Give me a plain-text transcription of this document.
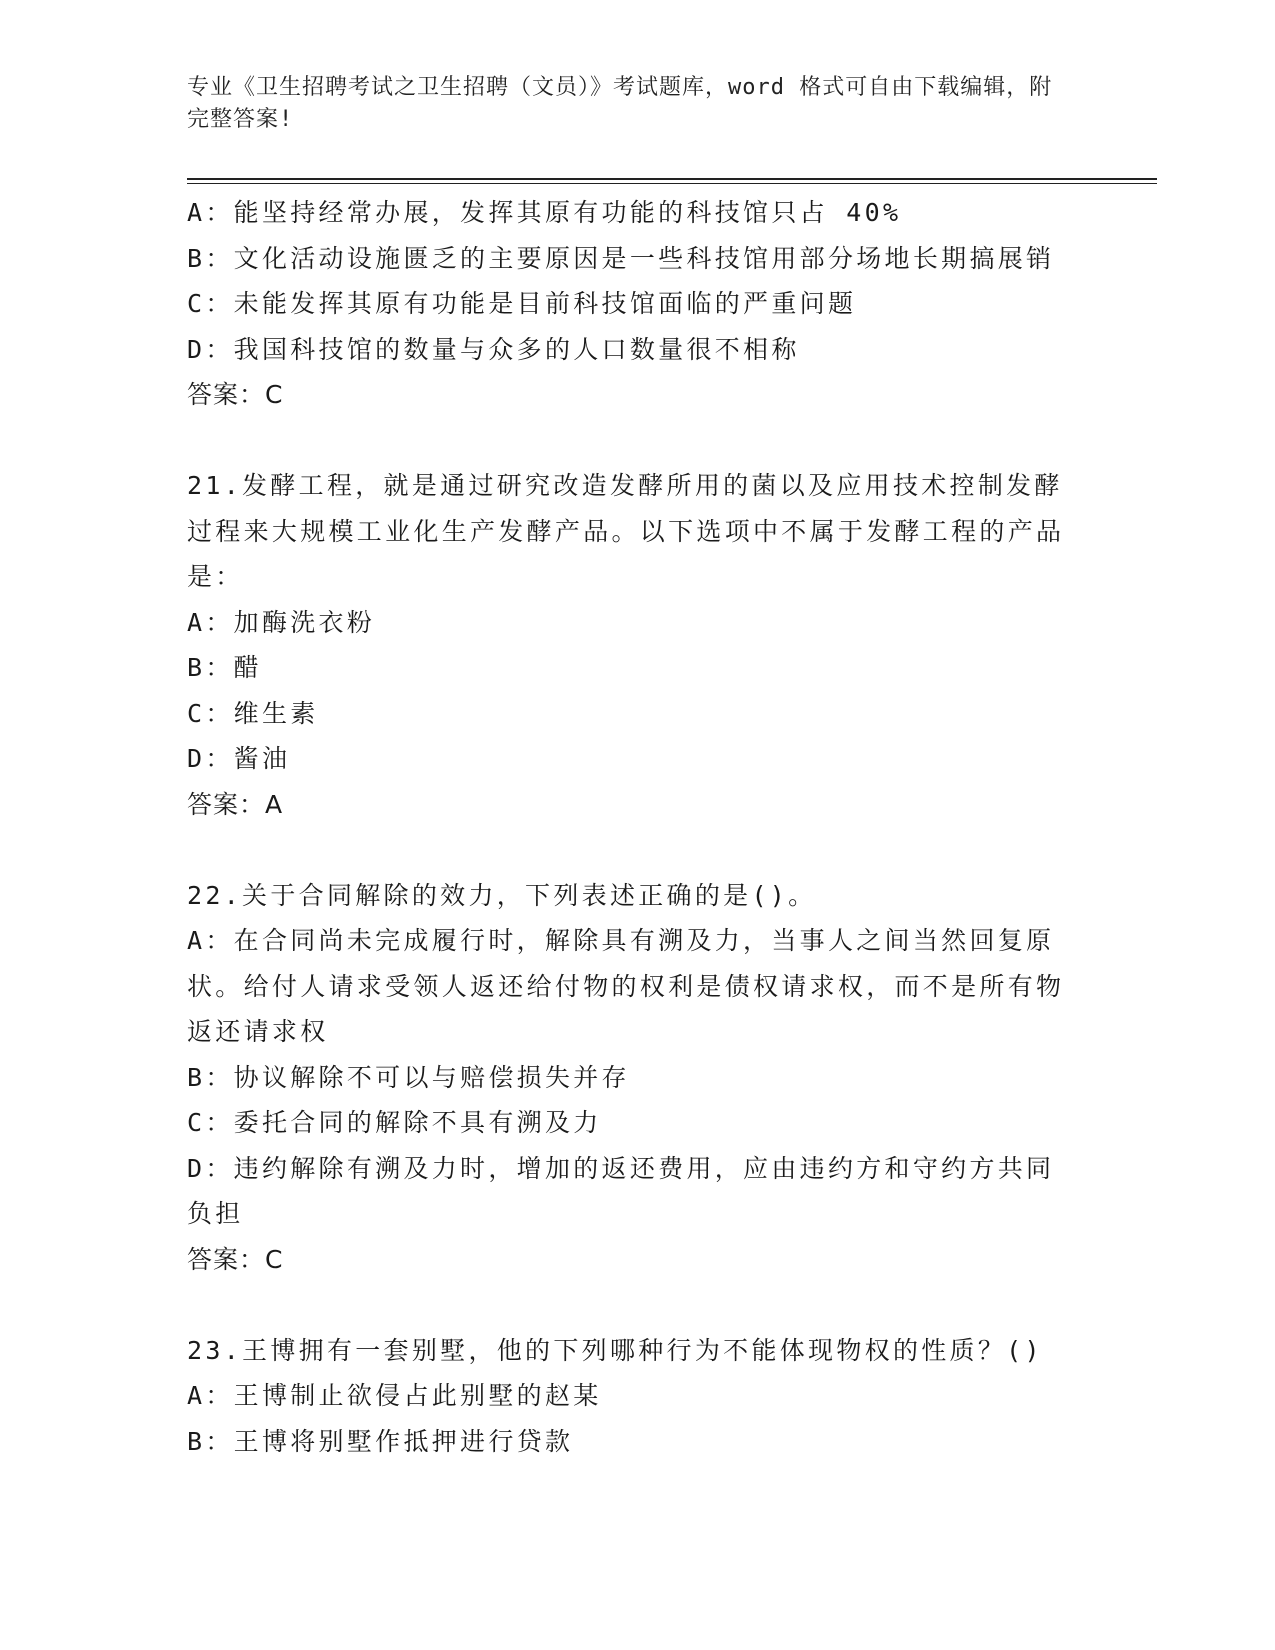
专业《卫生招聘考试之卫生招聘（文员）》考试题库，word 格式可自由下载编辑，附完整答案!
A：能坚持经常办展，发挥其原有功能的科技馆只占 40%
B：文化活动设施匮乏的主要原因是一些科技馆用部分场地长期搞展销
C：未能发挥其原有功能是目前科技馆面临的严重问题
D：我国科技馆的数量与众多的人口数量很不相称
答案：C
21.发酵工程，就是通过研究改造发酵所用的菌以及应用技术控制发酵过程来大规模工业化生产发酵产品。以下选项中不属于发酵工程的产品是：
A：加酶洗衣粉
B：醋
C：维生素
D：酱油
答案：A
22.关于合同解除的效力，下列表述正确的是()。
A：在合同尚未完成履行时，解除具有溯及力，当事人之间当然回复原状。给付人请求受领人返还给付物的权利是债权请求权，而不是所有物返还请求权
B：协议解除不可以与赔偿损失并存
C：委托合同的解除不具有溯及力
D：违约解除有溯及力时，增加的返还费用，应由违约方和守约方共同负担
答案：C
23.王博拥有一套别墅，他的下列哪种行为不能体现物权的性质？()
A：王博制止欲侵占此别墅的赵某
B：王博将别墅作抵押进行贷款
